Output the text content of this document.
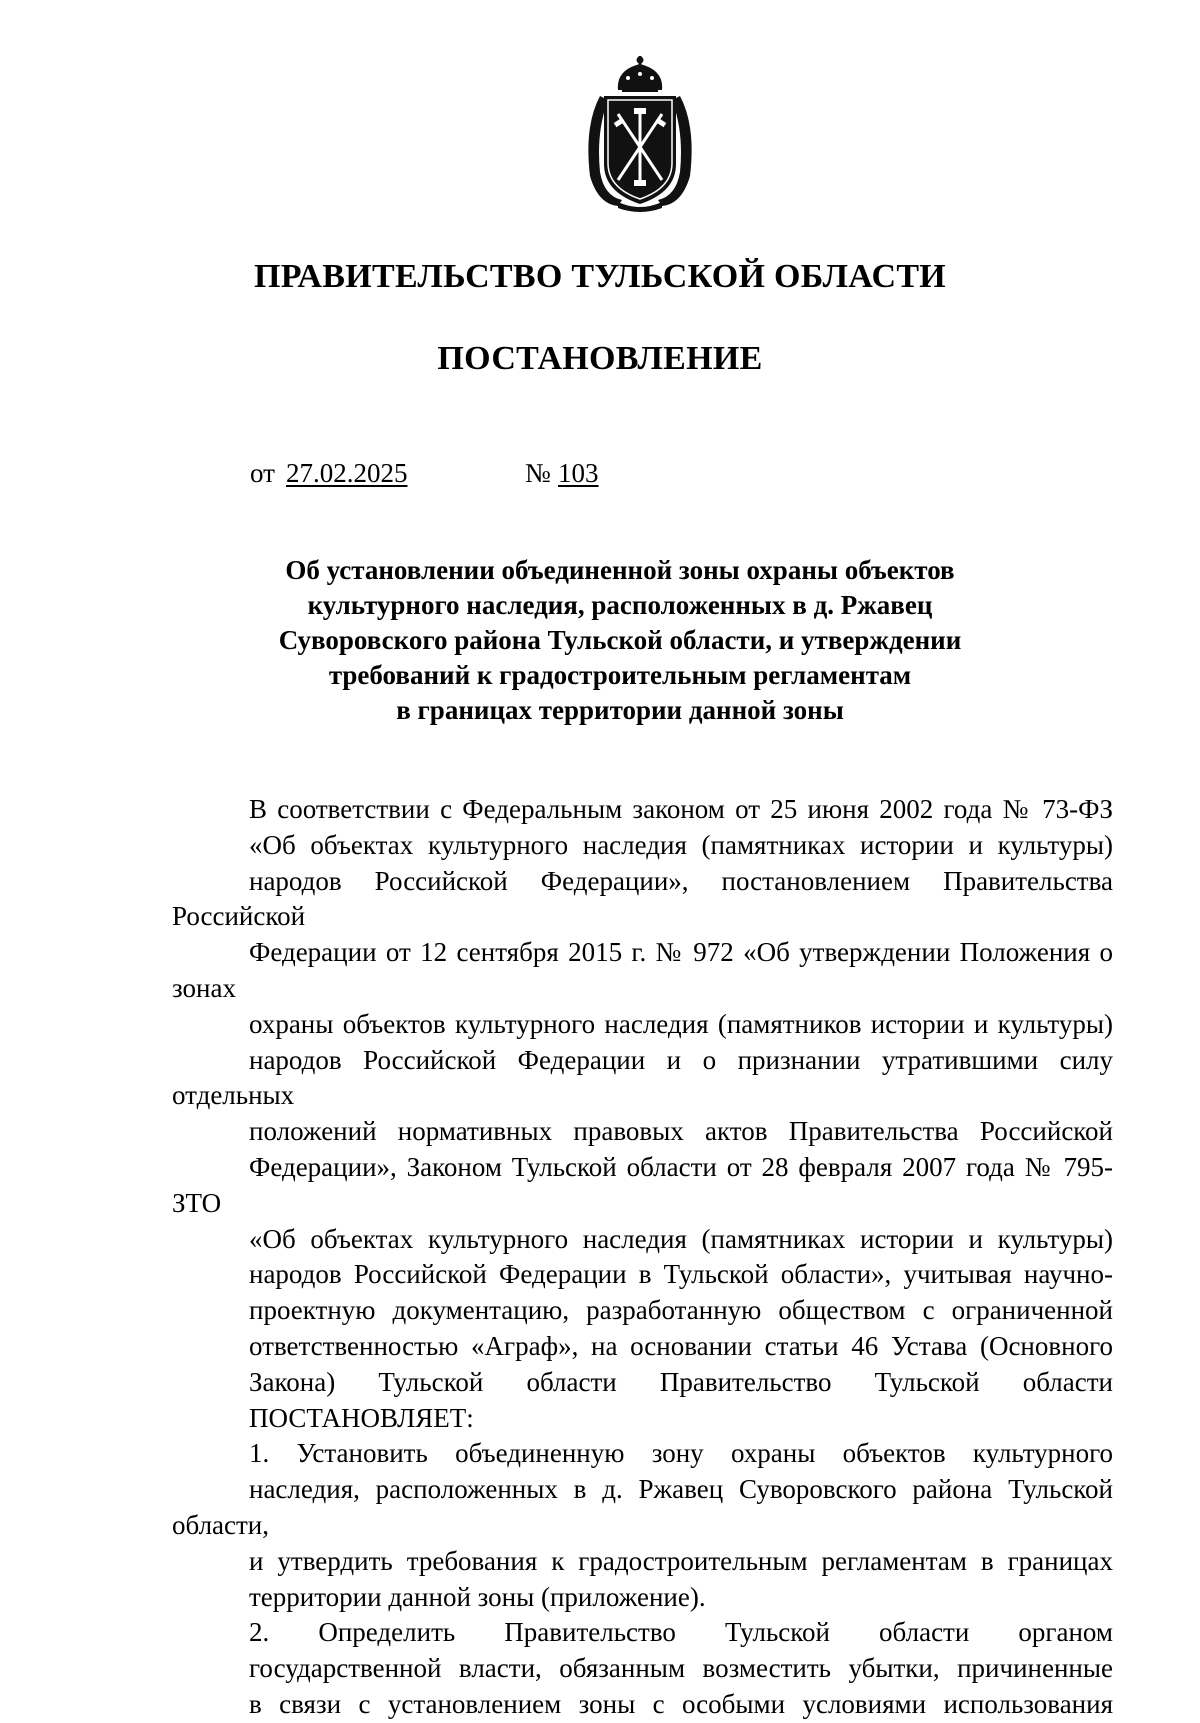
ПРАВИТЕЛЬСТВО ТУЛЬСКОЙ ОБЛАСТИ
ПОСТАНОВЛЕНИЕ
от 27.02.2025	№ 103
Об установлении объединенной зоны охраны объектов
культурного наследия, расположенных в д. Ржавец
Суворовского района Тульской области, и утверждении
требований к градостроительным регламентам
в границах территории данной зоны
В соответствии с Федеральным законом от 25 июня 2002 года № 73-ФЗ
«Об объектах культурного наследия (памятниках истории и культуры)
народов Российской Федерации», постановлением Правительства Российской
Федерации от 12 сентября 2015 г. № 972 «Об утверждении Положения о зонах
охраны объектов культурного наследия (памятников истории и культуры)
народов Российской Федерации и о признании утратившими силу отдельных
положений нормативных правовых актов Правительства Российской
Федерации», Законом Тульской области от 28 февраля 2007 года № 795-ЗТО
«Об объектах культурного наследия (памятниках истории и культуры)
народов Российской Федерации в Тульской области», учитывая научно-
проектную документацию, разработанную обществом с ограниченной
ответственностью «Аграф», на основании статьи 46 Устава (Основного
Закона) Тульской области Правительство Тульской области
ПОСТАНОВЛЯЕТ:
1. Установить объединенную зону охраны объектов культурного
наследия, расположенных в д. Ржавец Суворовского района Тульской области,
и утвердить требования к градостроительным регламентам в границах
территории данной зоны (приложение).
2. Определить Правительство Тульской области органом
государственной власти, обязанным возместить убытки, причиненные
в связи с установлением зоны с особыми условиями использования
